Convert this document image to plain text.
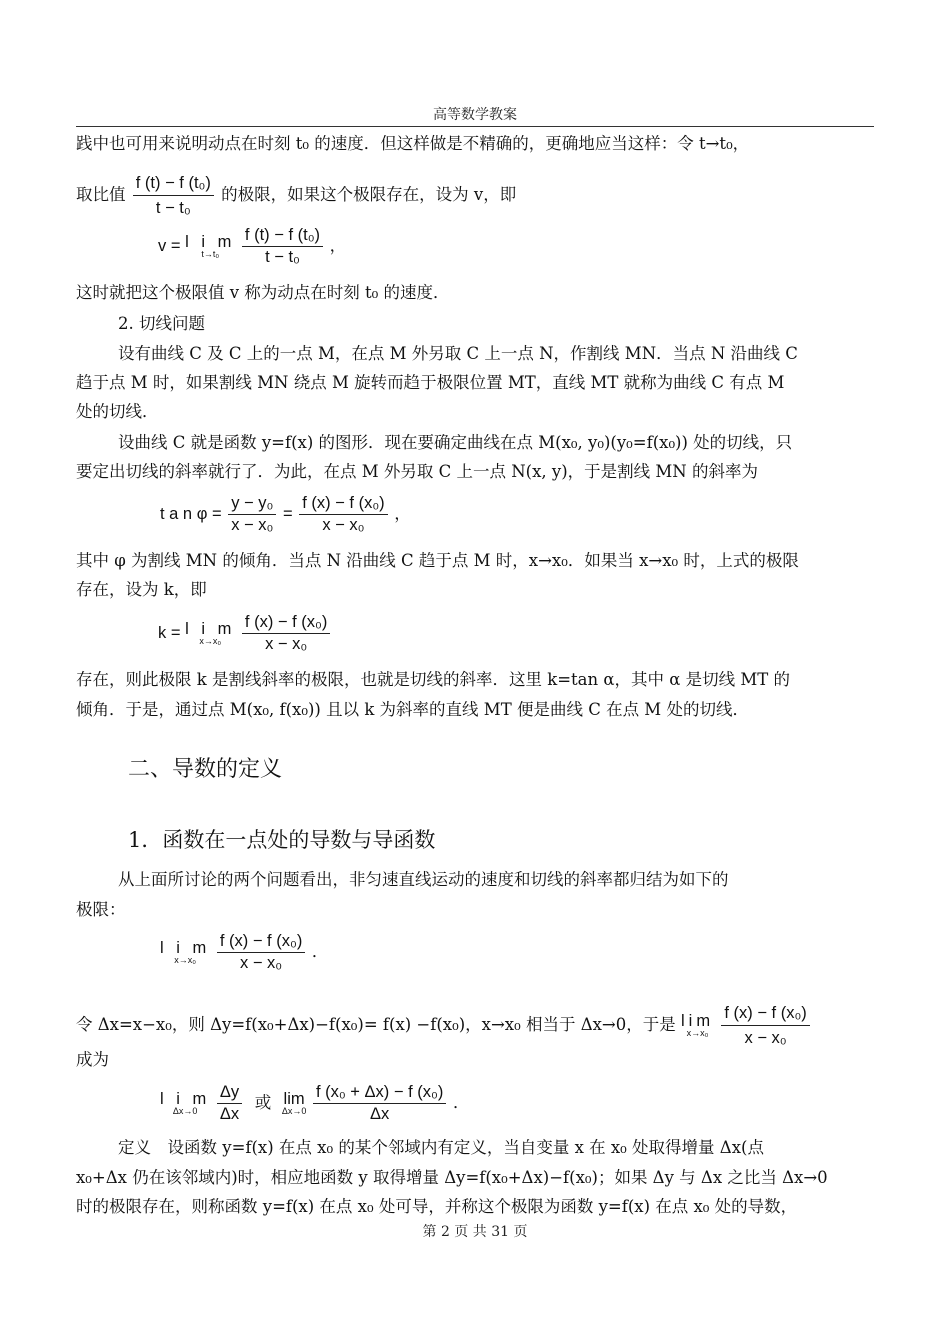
高等数学教案
践中也可用来说明动点在时刻 t₀ 的速度．但这样做是不精确的，更确地应当这样：令 t→t₀，
取比值 $\frac{\text{f (t) − f (t₀)}}{\text{t − t₀}}$ 的极限，如果这个极限存在，设为 v，即
v = l i m
t→t₀
	$\frac{\text{f (t) − f (t₀)}}{\text{t − t₀}}$ ，
这时就把这个极限值 v 称为动点在时刻 t₀ 的速度．
2. 切线问题
设有曲线 C 及 C 上的一点 M，在点 M 外另取 C 上一点 N，作割线 MN．当点 N 沿曲线 C
趋于点 M 时，如果割线 MN 绕点 M 旋转而趋于极限位置 MT，直线 MT 就称为曲线 C 有点 M
处的切线．
设曲线 C 就是函数 y=f(x) 的图形．现在要确定曲线在点 M(x₀, y₀)(y₀=f(x₀)) 处的切线，只
要定出切线的斜率就行了．为此，在点 M 外另取 C 上一点 N(x, y)，于是割线 MN 的斜率为
t a n $\varphi = \frac{\text{y − y₀}}{\text{x − x₀}} = \frac{\text{f (x) − f (x₀)}}{\text{x − x₀}}$ ，
其中 φ 为割线 MN 的倾角．当点 N 沿曲线 C 趋于点 M 时，x→x₀．如果当 x→x₀ 时，上式的极限
存在，设为 k，即
k = l i m
x→x₀
	$\frac{\text{f (x) − f (x₀)}}{\text{x − x₀}}$
存在，则此极限 k 是割线斜率的极限，也就是切线的斜率．这里 k=tan α，其中 α 是切线 MT 的
倾角．于是，通过点 M(x₀, f(x₀)) 且以 k 为斜率的直线 MT 便是曲线 C 在点 M 处的切线．
二、导数的定义
1．函数在一点处的导数与导函数
从上面所讨论的两个问题看出，非匀速直线运动的速度和切线的斜率都归结为如下的
极限：
l i m
x→x₀
	$\frac{\text{f (x) − f (x₀)}}{\text{x − x₀}}$ ．
令 Δx=x−x₀，则 Δy=f(x₀+Δx)−f(x₀)= f(x) −f(x₀)，x→x₀ 相当于 Δx→0，于是 lim
x→x₀
$\frac{\text{f (x) − f (x₀)}}{\text{x − x₀}}$
成为
l i m
Δx→0
	$\frac{\Delta y}{\Delta x}$ 或 lim
Δx→0
$\frac{\text{f (x₀ + Δx) − f (x₀)}}{\Delta x}$ ．
定义　设函数 y=f(x) 在点 x₀ 的某个邻域内有定义，当自变量 x 在 x₀ 处取得增量 Δx(点
x₀+Δx 仍在该邻域内)时，相应地函数 y 取得增量 Δy=f(x₀+Δx)−f(x₀)；如果 Δy 与 Δx 之比当 Δx→0
时的极限存在，则称函数 y=f(x) 在点 x₀ 处可导，并称这个极限为函数 y=f(x) 在点 x₀ 处的导数，
第 2 页 共 31 页
